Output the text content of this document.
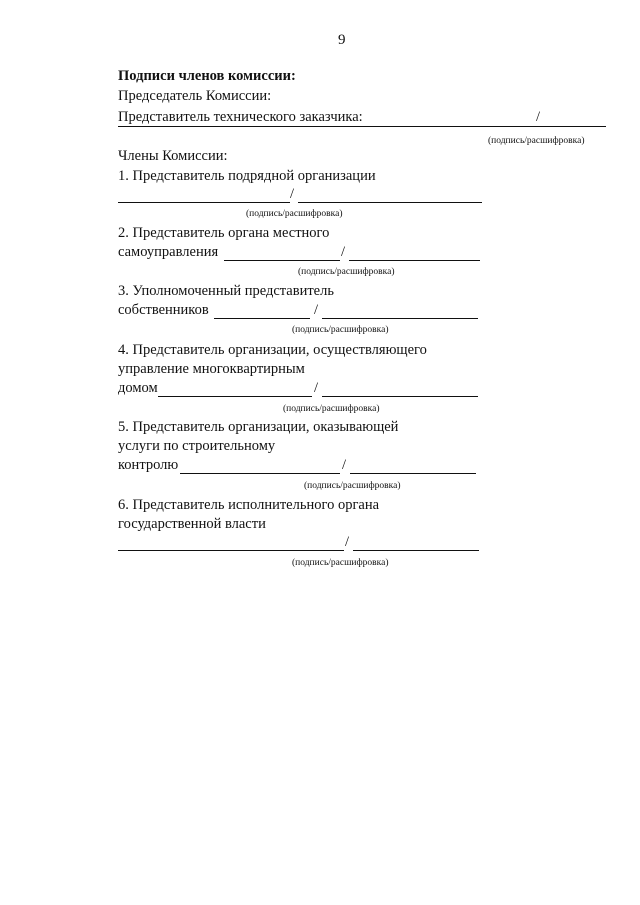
9
Подписи членов комиссии:
Председатель Комиссии:
Представитель технического заказчика:	/
(подпись/расшифровка)
Члены Комиссии:
1. Представитель подрядной организации
/
(подпись/расшифровка)
2. Представитель органа местного
самоуправления	/
(подпись/расшифровка)
3. Уполномоченный представитель
собственников	/
(подпись/расшифровка)
4. Представитель организации, осуществляющего
управление многоквартирным
домом	/
(подпись/расшифровка)
5. Представитель организации, оказывающей
услуги по строительному
контролю	/
(подпись/расшифровка)
6. Представитель исполнительного органа
государственной власти
/
(подпись/расшифровка)
